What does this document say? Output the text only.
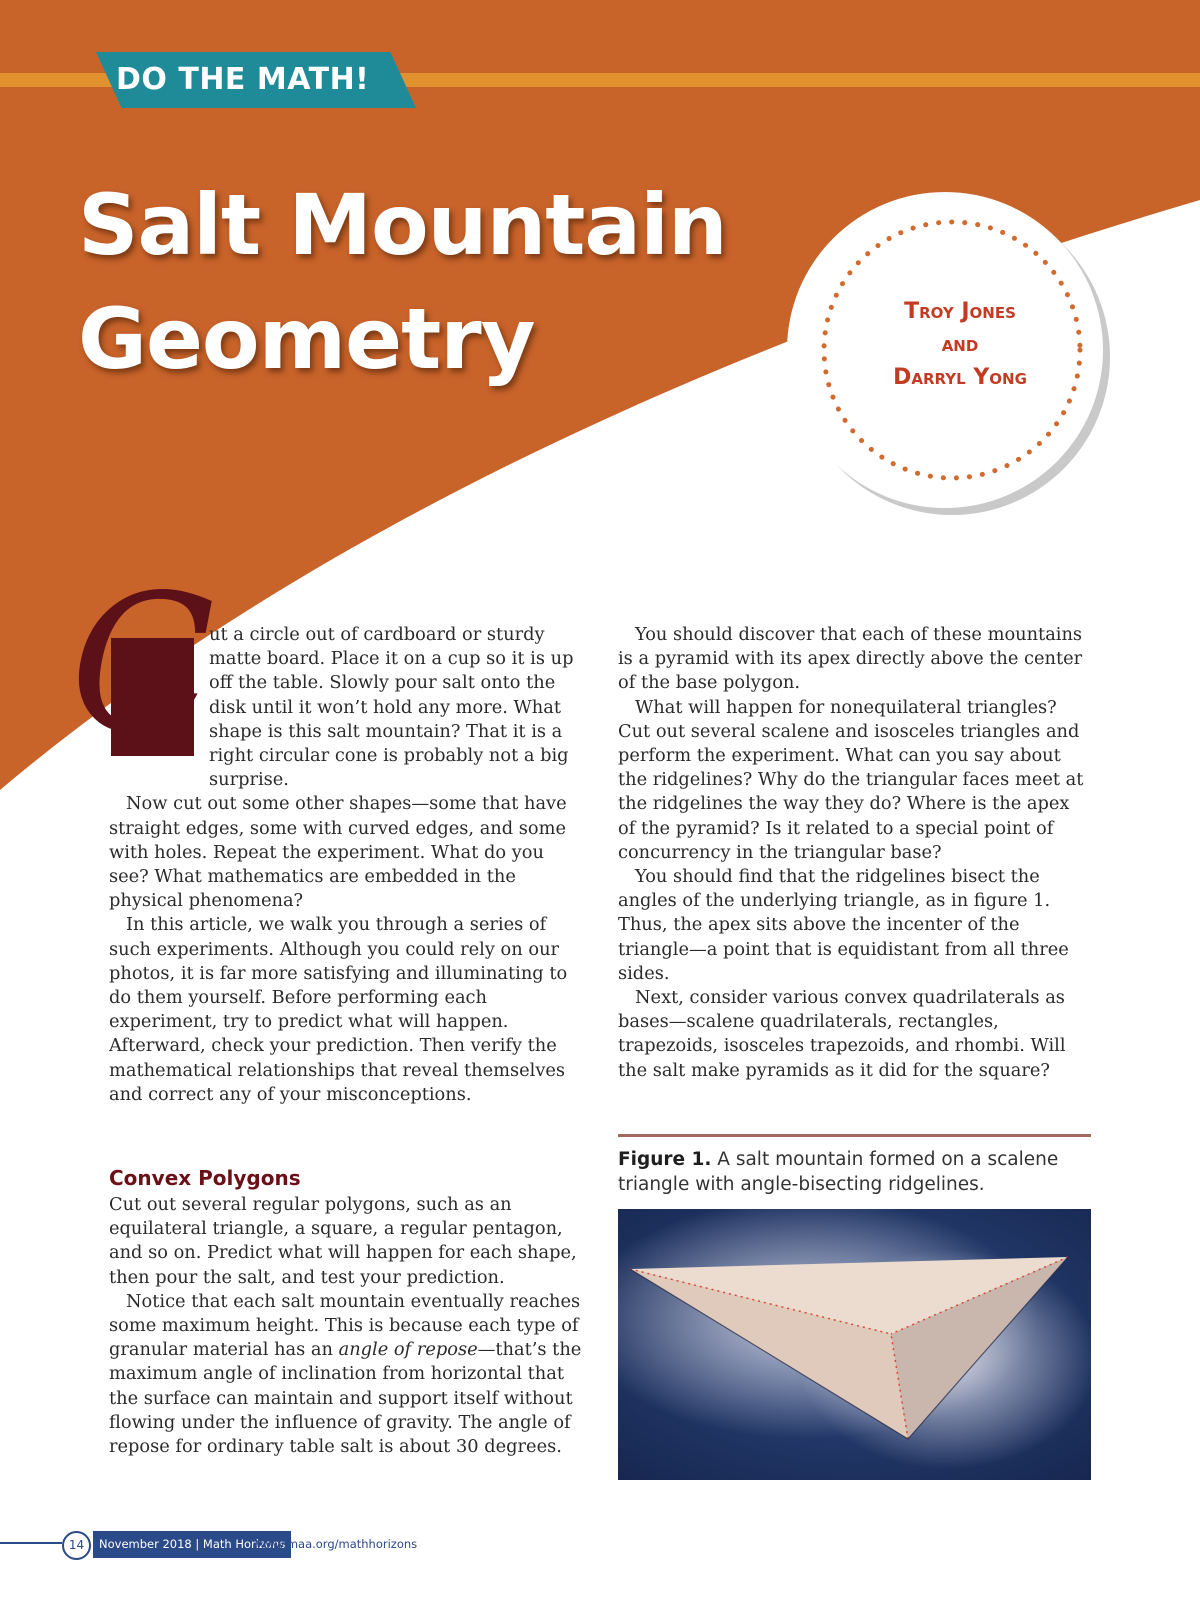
DO THE MATH!
Salt Mountain
Geometry	Troy Jones
and
Darryl Yong
C

ut a circle out of cardboard or sturdy matte board. Place it on a cup so it is up off the table. Slowly pour salt onto the disk until it won’t hold any more. What shape is this salt mountain? That it is a right circular cone is probably not a big surprise.

Now cut out some other shapes—some that have straight edges, some with curved edges, and some with holes. Repeat the experiment. What do you see? What mathematics are embedded in the physical phenomena?

In this article, we walk you through a series of such experiments. Although you could rely on our photos, it is far more satisfying and illuminating to do them yourself. Before performing each experiment, try to predict what will happen. Afterward, check your prediction. Then verify the mathematical relationships that reveal themselves and correct any of your misconceptions.

Convex Polygons

Cut out several regular polygons, such as an equilateral triangle, a square, a regular pentagon, and so on. Predict what will happen for each shape, then pour the salt, and test your prediction.

Notice that each salt mountain eventually reaches some maximum height. This is because each type of granular material has an angle of repose—that’s the maximum angle of inclination from horizontal that the surface can maintain and support itself without flowing under the influence of gravity. The angle of repose for ordinary table salt is about 30 degrees.

You should discover that each of these mountains is a pyramid with its apex directly above the center of the base polygon.

What will happen for nonequilateral triangles? Cut out several scalene and isosceles triangles and perform the experiment. What can you say about the ridgelines? Why do the triangular faces meet at the ridgelines the way they do? Where is the apex of the pyramid? Is it related to a special point of concurrency in the triangular base?

You should find that the ridgelines bisect the angles of the underlying triangle, as in figure 1. Thus, the apex sits above the incenter of the triangle—a point that is equidistant from all three sides.

Next, consider various convex quadrilaterals as bases—scalene quadrilaterals, rectangles, trapezoids, isosceles trapezoids, and rhombi. Will the salt make pyramids as it did for the square?

Figure 1. A salt mountain formed on a scalene triangle with angle-bisecting ridgelines.
14	November 2018 | Math Horizons
www.maa.org/mathhorizons
